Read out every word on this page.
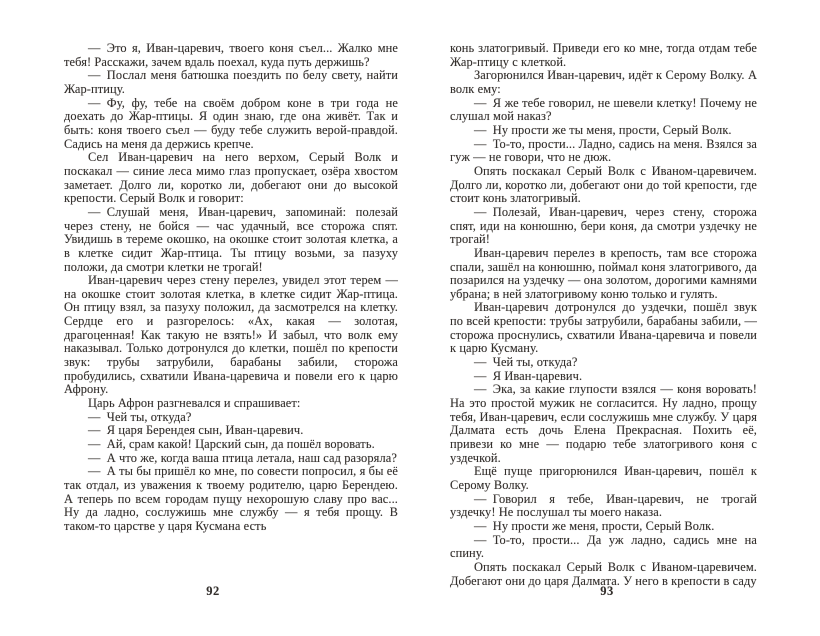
— Это я, Иван-царевич, твоего коня съел... Жалко мне тебя! Расскажи, зачем вдаль поехал, куда путь держишь?

— Послал меня батюшка поездить по белу свету, найти Жар-птицу.

— Фу, фу, тебе на своём добром коне в три года не доехать до Жар-птицы. Я один знаю, где она живёт. Так и быть: коня твоего съел — буду тебе служить верой-правдой. Садись на меня да держись крепче.

Сел Иван-царевич на него верхом, Серый Волк и поскакал — синие леса мимо глаз пропускает, озёра хвостом заметает. Долго ли, коротко ли, добегают они до высокой крепости. Серый Волк и говорит:

— Слушай меня, Иван-царевич, запоминай: полезай через стену, не бойся — час удачный, все сторожа спят. Увидишь в тереме окошко, на окошке стоит золотая клетка, а в клетке сидит Жар-птица. Ты птицу возьми, за пазуху положи, да смотри клетки не трогай!

Иван-царевич через стену перелез, увидел этот терем — на окошке стоит золотая клетка, в клетке сидит Жар-птица. Он птицу взял, за пазуху положил, да засмотрелся на клетку. Сердце его и разгорелось: «Ах, какая — золотая, драгоценная! Как такую не взять!» И забыл, что волк ему наказывал. Только дотронулся до клетки, пошёл по крепости звук: трубы затрубили, барабаны забили, сторожа пробудились, схватили Ивана-царевича и повели его к царю Афрону.

Царь Афрон разгневался и спрашивает:

— Чей ты, откуда?

— Я царя Берендея сын, Иван-царевич.

— Ай, срам какой! Царский сын, да пошёл воровать.

— А что же, когда ваша птица летала, наш сад разоряла?

— А ты бы пришёл ко мне, по совести попросил, я бы её так отдал, из уважения к твоему родителю, царю Берендею. А теперь по всем городам пущу нехорошую славу про вас... Ну да ладно, сослужишь мне службу — я тебя прощу. В таком-то царстве у царя Кусмана есть

92

конь златогривый. Приведи его ко мне, тогда отдам тебе Жар-птицу с клеткой.

Загорюнился Иван-царевич, идёт к Серому Волку. А волк ему:

— Я же тебе говорил, не шевели клетку! Почему не слушал мой наказ?

— Ну прости же ты меня, прости, Серый Волк.

— То-то, прости... Ладно, садись на меня. Взялся за гуж — не говори, что не дюж.

Опять поскакал Серый Волк с Иваном-царевичем. Долго ли, коротко ли, добегают они до той крепости, где стоит конь златогривый.

— Полезай, Иван-царевич, через стену, сторожа спят, иди на конюшню, бери коня, да смотри уздечку не трогай!

Иван-царевич перелез в крепость, там все сторожа спали, зашёл на конюшню, поймал коня златогривого, да позарился на уздечку — она золотом, дорогими камнями убрана; в ней златогривому коню только и гулять.

Иван-царевич дотронулся до уздечки, пошёл звук по всей крепости: трубы затрубили, барабаны забили, — сторожа проснулись, схватили Ивана-царевича и повели к царю Кусману.

— Чей ты, откуда?

— Я Иван-царевич.

— Эка, за какие глупости взялся — коня воровать! На это простой мужик не согласится. Ну ладно, прощу тебя, Иван-царевич, если сослужишь мне службу. У царя Далмата есть дочь Елена Прекрасная. Похить её, привези ко мне — подарю тебе златогривого коня с уздечкой.

Ещё пуще пригорюнился Иван-царевич, пошёл к Серому Волку.

— Говорил я тебе, Иван-царевич, не трогай уздечку! Не послушал ты моего наказа.

— Ну прости же меня, прости, Серый Волк.

— То-то, прости... Да уж ладно, садись мне на спину.

Опять поскакал Серый Волк с Иваном-царевичем. Добегают они до царя Далмата. У него в крепости в саду

93
